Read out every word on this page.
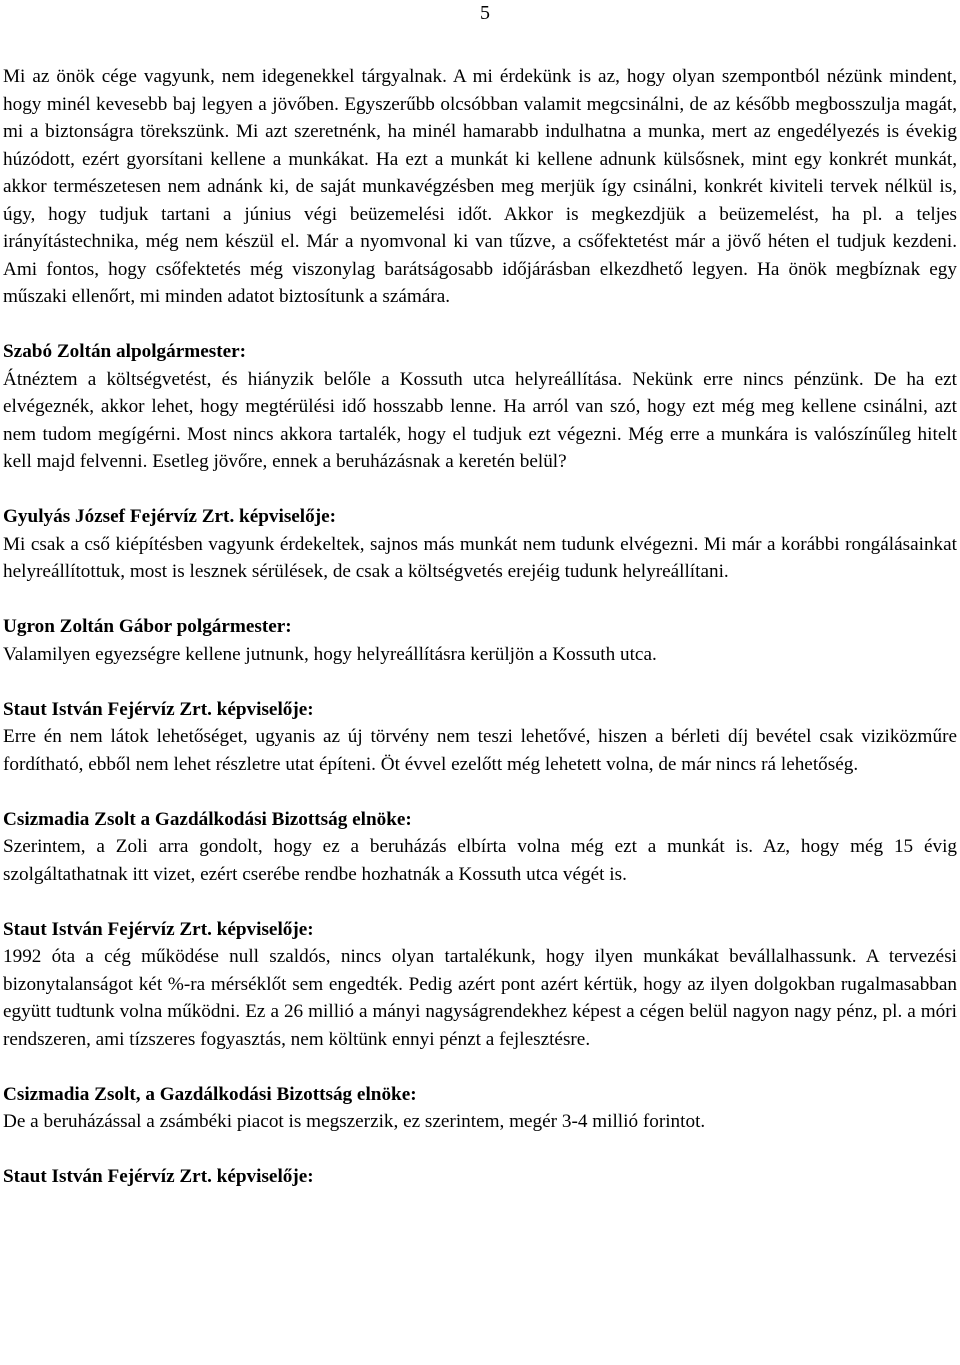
5

Mi az önök cége vagyunk, nem idegenekkel tárgyalnak. A mi érdekünk is az, hogy olyan szempontból nézünk mindent, hogy minél kevesebb baj legyen a jövőben. Egyszerűbb olcsóbban valamit megcsinálni, de az később megbosszulja magát, mi a biztonságra törekszünk. Mi azt szeretnénk, ha minél hamarabb indulhatna a munka, mert az engedélyezés is évekig húzódott, ezért gyorsítani kellene a munkákat. Ha ezt a munkát ki kellene adnunk külsősnek, mint egy konkrét munkát, akkor természetesen nem adnánk ki, de saját munkavégzésben meg merjük így csinálni, konkrét kiviteli tervek nélkül is, úgy, hogy tudjuk tartani a június végi beüzemelési időt. Akkor is megkezdjük a beüzemelést, ha pl. a teljes irányítástechnika, még nem készül el. Már a nyomvonal ki van tűzve, a csőfektetést már a jövő héten el tudjuk kezdeni. Ami fontos, hogy csőfektetés még viszonylag barátságosabb időjárásban elkezdhető legyen. Ha önök megbíznak egy műszaki ellenőrt, mi minden adatot biztosítunk a számára.

Szabó Zoltán alpolgármester:

Átnéztem a költségvetést, és hiányzik belőle a Kossuth utca helyreállítása. Nekünk erre nincs pénzünk. De ha ezt elvégeznék, akkor lehet, hogy megtérülési idő hosszabb lenne. Ha arról van szó, hogy ezt még meg kellene csinálni, azt nem tudom megígérni. Most nincs akkora tartalék, hogy el tudjuk ezt végezni. Még erre a munkára is valószínűleg hitelt kell majd felvenni. Esetleg jövőre, ennek a beruházásnak a keretén belül?

Gyulyás József Fejérvíz Zrt. képviselője:

Mi csak a cső kiépítésben vagyunk érdekeltek, sajnos más munkát nem tudunk elvégezni. Mi már a korábbi rongálásainkat helyreállítottuk, most is lesznek sérülések, de csak a költségvetés erejéig tudunk helyreállítani.

Ugron Zoltán Gábor polgármester:

Valamilyen egyezségre kellene jutnunk, hogy helyreállításra kerüljön a Kossuth utca.

Staut István Fejérvíz Zrt. képviselője:

Erre én nem látok lehetőséget, ugyanis az új törvény nem teszi lehetővé, hiszen a bérleti díj bevétel csak viziközműre fordítható, ebből nem lehet részletre utat építeni. Öt évvel ezelőtt még lehetett volna, de már nincs rá lehetőség.

Csizmadia Zsolt a Gazdálkodási Bizottság elnöke:

Szerintem, a Zoli arra gondolt, hogy ez a beruházás elbírta volna még ezt a munkát is. Az, hogy még 15 évig szolgáltathatnak itt vizet, ezért cserébe rendbe hozhatnák a Kossuth utca végét is.

Staut István Fejérvíz Zrt. képviselője:

1992 óta a cég működése null szaldós, nincs olyan tartalékunk, hogy ilyen munkákat bevállalhassunk. A tervezési bizonytalanságot két %-ra mérséklőt sem engedték. Pedig azért pont azért kértük, hogy az ilyen dolgokban rugalmasabban együtt tudtunk volna működni. Ez a 26 millió a mányi nagyságrendekhez képest a cégen belül nagyon nagy pénz, pl. a móri rendszeren, ami tízszeres fogyasztás, nem költünk ennyi pénzt a fejlesztésre.

Csizmadia Zsolt, a Gazdálkodási Bizottság elnöke:

De a beruházással a zsámbéki piacot is megszerzik, ez szerintem, megér 3-4 millió forintot.

Staut István Fejérvíz Zrt. képviselője:
